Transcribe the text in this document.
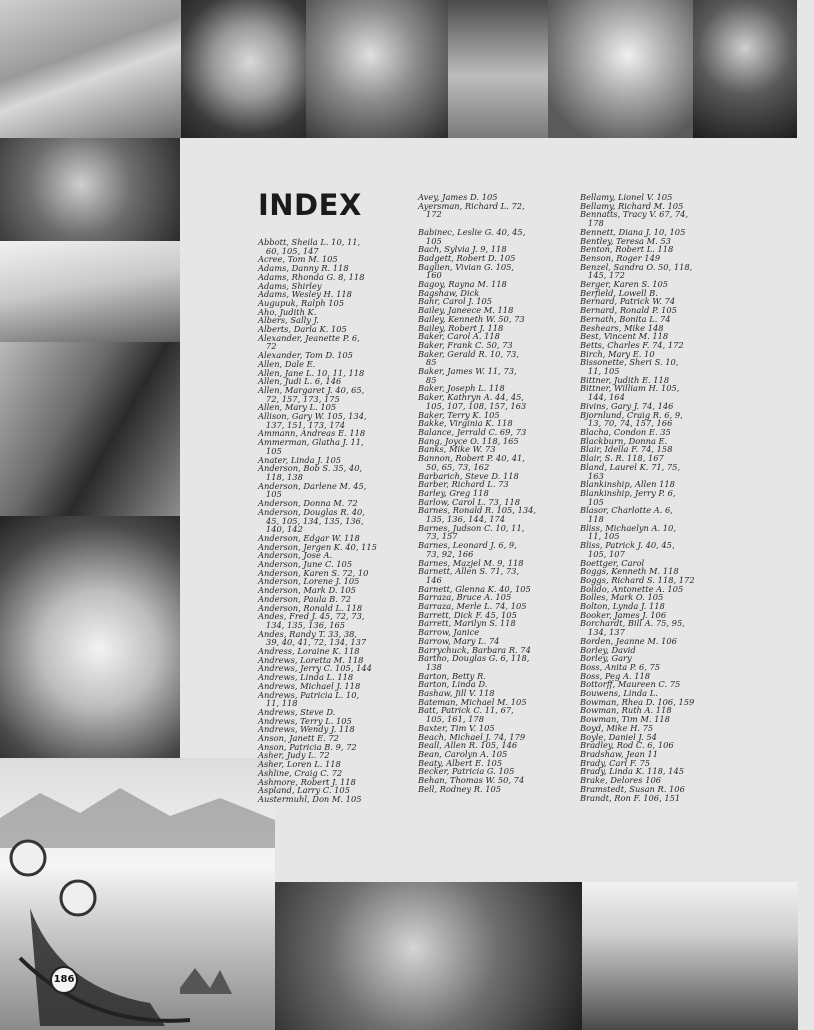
186
INDEX
Abbott, Sheila L. 10, 11,
60, 105, 147
Acree, Tom M. 105
Adams, Danny R. 118
Adams, Rhonda G. 8, 118
Adams, Shirley
Adams, Wesley H. 118
Augupuk, Ralph 105
Aho, Judith K.
Albers, Sally J.
Alberts, Darla K. 105
Alexander, Jeanette P. 6,
72
Alexander, Tom D. 105
Allen, Dale E.
Allen, Jane L. 10, 11, 118
Allen, Judi L. 6, 146
Allen, Margaret J. 40, 65,
72, 157, 173, 175
Allen, Mary L. 105
Allison, Gary W. 105, 134,
137, 151, 173, 174
Ammann, Andreas E. 118
Ammerman, Glatha J. 11,
105
Anater, Linda J. 105
Anderson, Bob S. 35, 40,
118, 138
Anderson, Darlene M. 45,
105
Anderson, Donna M. 72
Anderson, Douglas R. 40,
45, 105, 134, 135, 136,
140, 142
Anderson, Edgar W. 118
Anderson, Jergen K. 40, 115
Anderson, Jose A.
Anderson, June C. 105
Anderson, Karen S. 72, 10
Anderson, Lorene J. 105
Anderson, Mark D. 105
Anderson, Paula B. 72
Anderson, Ronald L. 118
Andes, Fred J. 45, 72, 73,
134, 135, 136, 165
Andes, Randy T. 33, 38,
39, 40, 41, 72, 134, 137
Andress, Loraine K. 118
Andrews, Loretta M. 118
Andrews, Jerry C. 105, 144
Andrews, Linda L. 118
Andrews, Michael J. 118
Andrews, Patricia L. 10,
11, 118
Andrews, Steve D.
Andrews, Terry L. 105
Andrews, Wendy J. 118
Anson, Janett E. 72
Anson, Patricia B. 9, 72
Asher, Judy L. 72
Asher, Loren L. 118
Ashline, Craig C. 72
Ashmore, Robert J. 118
Aspland, Larry C. 105
Austermuhl, Don M. 105
Avey, James D. 105
Ayersman, Richard L. 72,
172

Babinec, Leslie G. 40, 45,
105
Bach, Sylvia J. 9, 118
Badgett, Robert D. 105
Baglien, Vivian G. 105,
160
Bagoy, Rayna M. 118
Bagshaw, Dick
Bahr, Carol J. 105
Bailey, Janeece M. 118
Bailey, Kenneth W. 50, 73
Bailey, Robert J. 118
Baker, Carol A. 118
Baker, Frank C. 50, 73
Baker, Gerald R. 10, 73,
85
Baker, James W. 11, 73,
85
Baker, Joseph L. 118
Baker, Kathryn A. 44, 45,
105, 107, 108, 157, 163
Baker, Terry K. 105
Bakke, Virginia K. 118
Balance, Jerrald C. 69, 73
Bang, Joyce O. 118, 165
Banks, Mike W. 73
Bannon, Robert P. 40, 41,
50, 65, 73, 162
Barbarich, Steve D. 118
Barber, Richard L. 73
Barley, Greg 118
Barlow, Carol L. 73, 118
Barnes, Ronald R. 105, 134,
135, 136, 144, 174
Barnes, Judson C. 10, 11,
73, 157
Barnes, Leonard J. 6, 9,
73, 92, 166
Barnes, Mazjel M. 9, 118
Barnett, Allen S. 71, 73,
146
Barnett, Glenna K. 40, 105
Barraza, Bruce A. 105
Barraza, Merle L. 74, 105
Barrett, Dick F. 45, 105
Barrett, Marilyn S. 118
Barrow, Janice
Barrow, Mary L. 74
Barrychuck, Barbara R. 74
Bartho, Douglas G. 6, 118,
138
Barton, Betty R.
Barton, Linda D.
Bashaw, Jill V. 118
Bateman, Michael M. 105
Batt, Patrick C. 11, 67,
105, 161, 178
Baxter, Tim V. 105
Beach, Michael J. 74, 179
Beall, Allen R. 105, 146
Bean, Carolyn A. 105
Beaty, Albert E. 105
Becker, Patricia G. 105
Behan, Thomas W. 50, 74
Bell, Rodney R. 105
Bellamy, Lionel V. 105
Bellamy, Richard M. 105
Bennatts, Tracy V. 67, 74,
178
Bennett, Diana J. 10, 105
Bentley, Teresa M. 53
Benton, Robert L. 118
Benson, Roger 149
Benzel, Sandra O. 50, 118,
145, 172
Berger, Karen S. 105
Berfield, Lowell B.
Bernard, Patrick W. 74
Bernard, Ronald P. 105
Bernath, Bonita L. 74
Beshears, Mike 148
Best, Vincent M. 118
Betts, Charles F. 74, 172
Birch, Mary E. 10
Bissonette, Sheri S. 10,
11, 105
Bittner, Judith E. 118
Bittner, William H. 105,
144, 164
Bivins, Gary J. 74, 146
Bjornlund, Craig R. 6, 9,
13, 70, 74, 157, 166
Blacha, Condon E. 35
Blackburn, Donna E.
Blair, Idella F. 74, 158
Blair, S. R. 118, 167
Bland, Laurel K. 71, 75,
163
Blankinship, Allen 118
Blankinship, Jerry P. 6,
105
Blasor, Charlotte A. 6,
118
Bliss, Michaelyn A. 10,
11, 105
Bliss, Patrick J. 40, 45,
105, 107
Boettger, Carol
Boggs, Kenneth M. 118
Boggs, Richard S. 118, 172
Bolido, Antonette A. 105
Bolles, Mark O. 105
Bolton, Lynda J. 118
Booker, James J. 106
Borchardt, Bill A. 75, 95,
134, 137
Borden, Jeanne M. 106
Borley, David
Borley, Gary
Boss, Anita P. 6, 75
Boss, Peg A. 118
Bottorff, Maureen C. 75
Bouwens, Linda L.
Bowman, Rhea D. 106, 159
Bowman, Ruth A. 118
Bowman, Tim M. 118
Boyd, Mike H. 75
Boyle, Daniel J. 54
Bradley, Rod C. 6, 106
Bradshaw, Jean 11
Brady, Carl F. 75
Brady, Linda K. 118, 145
Brake, Delores 106
Bramstedt, Susan R. 106
Brandt, Ron F. 106, 151
